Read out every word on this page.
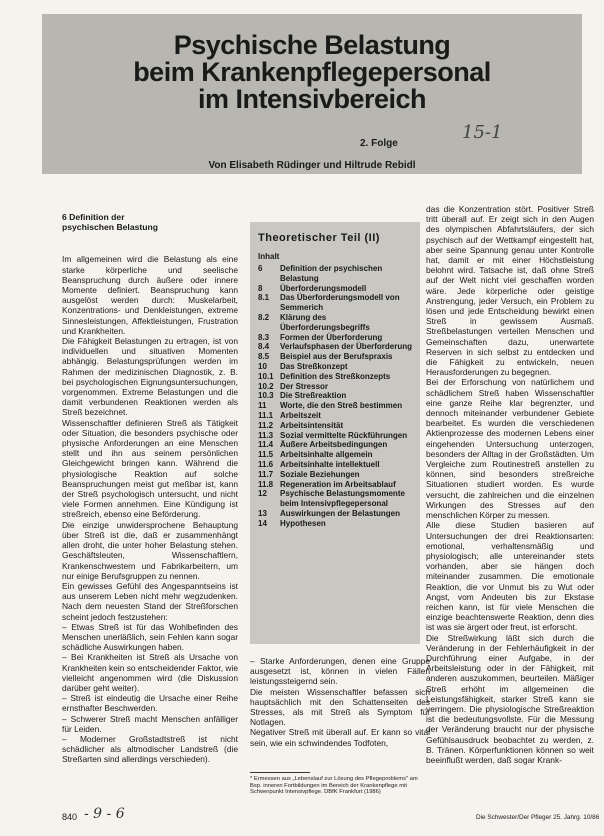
Psychische Belastung
beim Krankenpflegepersonal
im Intensivbereich
2. Folge
15-1
Von Elisabeth Rüdinger und Hiltrude Rebidl

6 Definition der
psychischen Belastung

Im allgemeinen wird die Belastung als eine starke körperliche und seelische Beanspruchung durch äußere oder innere Momente definiert. Beanspruchung kann ausgelöst werden durch: Muskelarbeit, Konzentrations- und Denkleistungen, extreme Sinnesleistungen, Affektleistungen, Frustration und Krankheiten.

Die Fähigkeit Belastungen zu ertragen, ist von individuellen und situativen Momenten abhängig. Belastungsprüfungen werden im Rahmen der medizinischen Diagnostik, z. B. bei psychologischen Eignungsuntersuchungen, vorgenommen. Extreme Belastungen und die damit verbundenen Reaktionen werden als Streß bezeichnet.

Wissenschaftler definieren Streß als Tätigkeit oder Situation, die besonders psychische oder physische Anforderungen an eine Menschen stellt und ihn aus seinem persönlichen Gleichgewicht bringen kann. Während die physiologische Reaktion auf solche Beanspruchungen meist gut meßbar ist, kann der Streß psychologisch untersucht, und nicht viele Formen annehmen. Eine Kündigung ist streßreich, ebenso eine Beförderung.

Die einzige unwidersprochene Behauptung über Streß ist die, daß er zusammenhängt allen droht, die unter hoher Belastung stehen. Geschäftsleuten, Wissenschaftlern, Krankenschwestern und Fabrikarbeitern, um nur einige Berufsgruppen zu nennen.

Ein gewisses Gefühl des Angespanntseins ist aus unserem Leben nicht mehr wegzudenken. Nach dem neuesten Stand der Streßforschen scheint jedoch festzustehen:

– Etwas Streß ist für das Wohlbefinden des Menschen unerläßlich, sein Fehlen kann sogar schädliche Auswirkungen haben.

– Bei Krankheiten ist Streß als Ursache von Krankheiten kein so entscheidender Faktor, wie vielleicht angenommen wird (die Diskussion darüber geht weiter).

– Streß ist eindeutig die Ursache einer Reihe ernsthafter Beschwerden.

– Schwerer Streß macht Menschen anfälliger für Leiden.

– Moderner Großstadtstreß ist nicht schädlicher als altmodischer Landstreß (die Streßarten sind allerdings verschieden).

Theoretischer Teil (II)
Inhalt
6	Definition der psychischen Belastung
8	Überforderungsmodell
8.1	Das Überforderungsmodell von Semmerich
8.2	Klärung des Überforderungsbegriffs
8.3	Formen der Überforderung
8.4	Verlaufsphasen der Überforderung
8.5	Beispiel aus der Berufspraxis
10	Das Streßkonzept
10.1 Definition des Streßkonzepts
10.2 Der Stressor
10.3 Die Streßreaktion
11	Worte, die den Streß bestimmen
11.1 Arbeitszeit
11.2 Arbeitsintensität
11.3 Sozial vermittelte Rückführungen
11.4 Äußere Arbeitsbedingungen
11.5 Arbeitsinhalte allgemein
11.6 Arbeitsinhalte intellektuell
11.7 Soziale Beziehungen
11.8 Regeneration im Arbeitsablauf
12	Psychische Belastungsmomente beim Intensivpflegepersonal
13	Auswirkungen der Belastungen
14	Hypothesen

– Starke Anforderungen, denen eine Gruppe ausgesetzt ist, können in vielen Fällen leistungssteigernd sein.

Die meisten Wissenschaftler befassen sich hauptsächlich mit den Schattenseiten des Stresses, als mit Streß als Symptom für Notlagen.

Negativer Streß mit überall auf. Er kann so vital sein, wie ein schwindendes Todfoten,

* Ermessen aus „Lebenslauf zur Lösung des Pflegeproblems" am Bsp. inneren Fortbildungen im Bereich der Krankenpflege mit Schwerpunkt Intensivpflege. DBfK Frankfurt (1986)

das die Konzentration stört. Positiver Streß tritt überall auf. Er zeigt sich in den Augen des olympischen Abfahrtsläufers, der sich psychisch auf der Wettkampf eingestellt hat, aber seine Spannung genau unter Kontrolle hat, damit er mit einer Höchstleistung belohnt wird. Tatsache ist, daß ohne Streß auf der Welt nicht viel geschaffen worden wäre. Jede körperliche oder geistige Anstrengung, jeder Versuch, ein Problem zu lösen und jede Entscheidung bewirkt einen Streß in gewissem Ausmaß. Streßbelastungen verteilen Menschen und Gemeinschaften dazu, unerwartete Reserven in sich selbst zu entdecken und die Fähigkeit zu entwickeln, neuen Herausforderungen zu begegnen.

Bei der Erforschung von natürlichem und schädlichem Streß haben Wissenschaftler eine ganze Reihe klar begrenzter, und dennoch miteinander verbundener Gebiete bearbeitet. Es wurden die verschiedenen Aktienprozesse des modernen Lebens einer eingehenden Untersuchung unterzogen, besonders der Alltag in der Großstädten. Um Vergleiche zum Routinestreß anstellen zu können, sind besonders streßreiche Situationen studiert worden. Es wurde versucht, die zahlreichen und die einzelnen Wirkungen des Stresses auf den menschlichen Körper zu messen.

Alle diese Studien basieren auf Untersuchungen der drei Reaktionsarten: emotional, verhaltensmäßig und physiologisch; alle untereinander stets vorhanden, aber sie hängen doch miteinander zusammen. Die emotionale Reaktion, die vor Unmut bis zu Wut oder Angst, vom Andeuten bis zur Ekstase reichen kann, ist für viele Menschen die einzige beachtenswerte Reaktion, denn dies ist was sie ärgert oder freut, ist erforscht.

Die Streßwirkung läßt sich durch die Veränderung in der Fehlerhäufigkeit in der Durchführung einer Aufgabe, in der Arbeitsleistung oder in der Fähigkeit, mit anderen auszukommen, beurteilen. Mäßiger Streß erhöht im allgemeinen die Leistungsfähigkeit, starker Streß kann sie verringern. Die physiologische Streßreaktion ist die bedeutungsvollste. Für die Messung der Veränderung braucht nur der physische Gefühlsausdruck beobachtet zu werden, z. B. Tränen. Körperfunktionen können so weit beeinflußt werden, daß sogar Krank-

840 - 9 - 6	Die Schwester/Der Pfleger 25. Jahrg. 10/86
